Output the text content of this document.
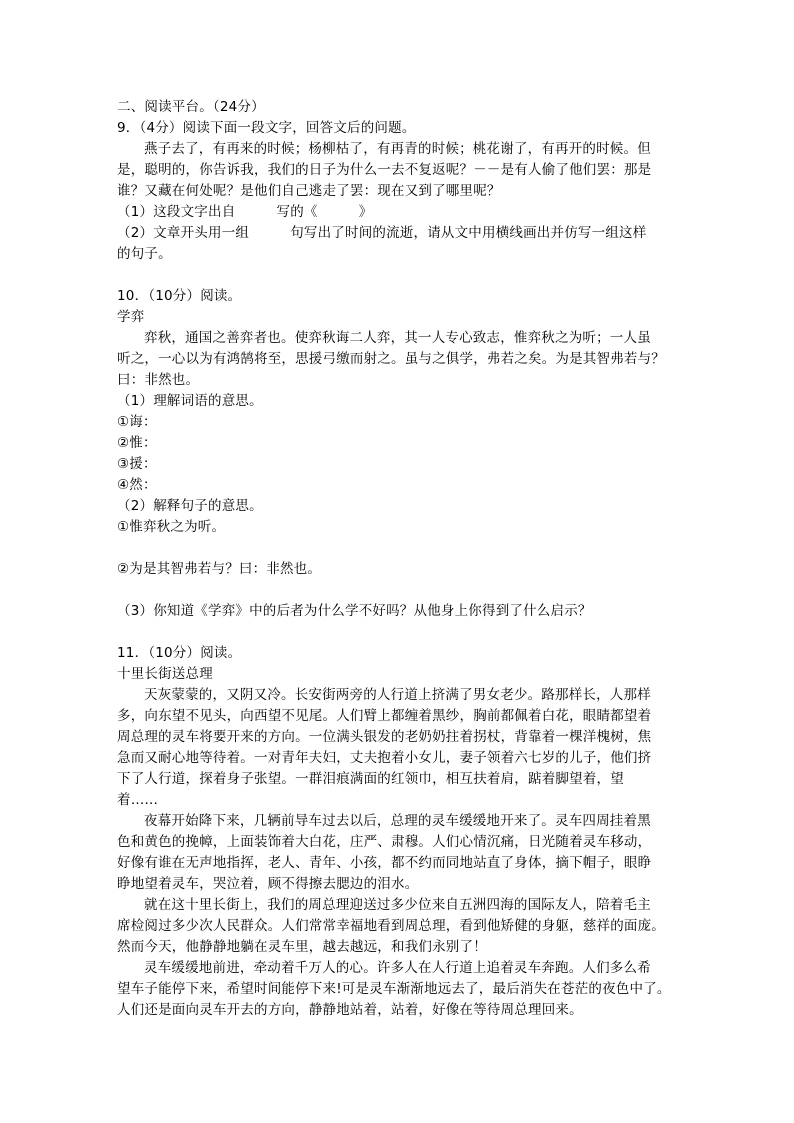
二、阅读平台。（24分）
9．（4分）阅读下面一段文字，回答文后的问题。
燕子去了，有再来的时候；杨柳枯了，有再青的时候；桃花谢了，有再开的时候。但
是，聪明的，你告诉我，我们的日子为什么一去不复返呢？－－是有人偷了他们罢：那是
谁？又藏在何处呢？是他们自己逃走了罢：现在又到了哪里呢？
（1）这段文字出自　　　写的《　　　》
（2）文章开头用一组　　　句写出了时间的流逝，请从文中用横线画出并仿写一组这样
的句子。
10．（10分）阅读。
学弈
弈秋，通国之善弈者也。使弈秋诲二人弈，其一人专心致志，惟弈秋之为听；一人虽
听之，一心以为有鸿鹄将至，思援弓缴而射之。虽与之俱学，弗若之矣。为是其智弗若与？
曰：非然也。
（1）理解词语的意思。
①诲：
②惟：
③援：
④然：
（2）解释句子的意思。
①惟弈秋之为听。
②为是其智弗若与？曰：非然也。
（3）你知道《学弈》中的后者为什么学不好吗？从他身上你得到了什么启示？
11．（10分）阅读。
十里长街送总理
天灰蒙蒙的，又阴又冷。长安街两旁的人行道上挤满了男女老少。路那样长，人那样
多，向东望不见头，向西望不见尾。人们臂上都缠着黑纱，胸前都佩着白花，眼睛都望着
周总理的灵车将要开来的方向。一位满头银发的老奶奶拄着拐杖，背靠着一棵洋槐树，焦
急而又耐心地等待着。一对青年夫妇，丈夫抱着小女儿，妻子领着六七岁的儿子，他们挤
下了人行道，探着身子张望。一群泪痕满面的红领巾，相互扶着肩，踮着脚望着，望
着……
夜幕开始降下来，几辆前导车过去以后，总理的灵车缓缓地开来了。灵车四周挂着黑
色和黄色的挽幛，上面装饰着大白花，庄严、肃穆。人们心情沉痛，日光随着灵车移动，
好像有谁在无声地指挥，老人、青年、小孩，都不约而同地站直了身体，摘下帽子，眼睁
睁地望着灵车，哭泣着，顾不得擦去腮边的泪水。
就在这十里长街上，我们的周总理迎送过多少位来自五洲四海的国际友人，陪着毛主
席检阅过多少次人民群众。人们常常幸福地看到周总理，看到他矫健的身躯，慈祥的面庞。
然而今天，他静静地躺在灵车里，越去越远，和我们永别了！
灵车缓缓地前进，牵动着千万人的心。许多人在人行道上追着灵车奔跑。人们多么希
望车子能停下来，希望时间能停下来!可是灵车渐渐地远去了，最后消失在苍茫的夜色中了。
人们还是面向灵车开去的方向，静静地站着，站着，好像在等待周总理回来。
